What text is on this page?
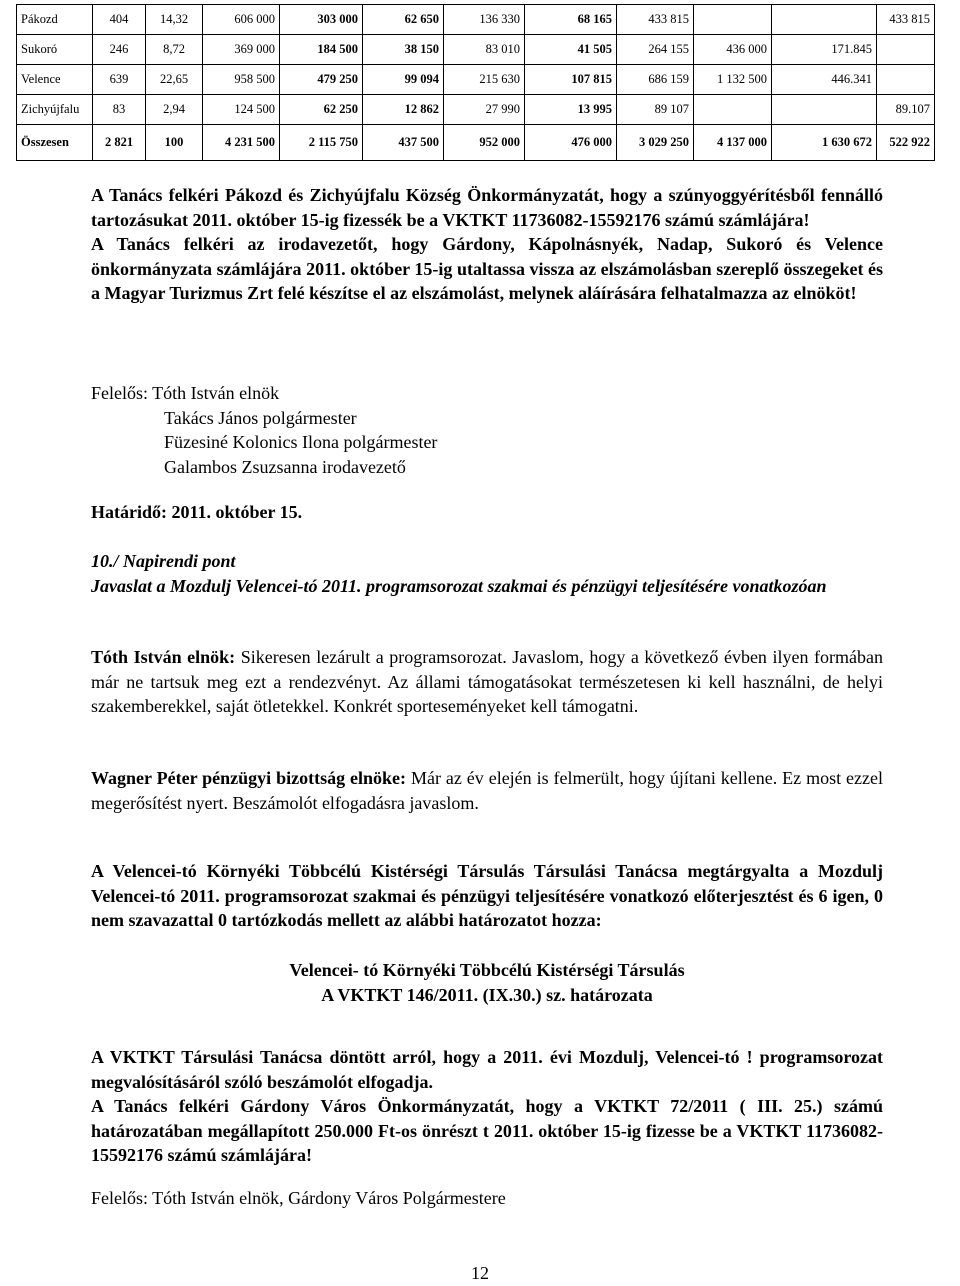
Pákozd	404	14,32	606 000	303 000	62 650	136 330	68 165	433 815			433 815
Sukoró	246	8,72	369 000	184 500	38 150	83 010	41 505	264 155	436 000	171.845	
Velence	639	22,65	958 500	479 250	99 094	215 630	107 815	686 159	1 132 500	446.341	
Zichyújfalu	83	2,94	124 500	62 250	12 862	27 990	13 995	89 107			89.107
Összesen	2 821	100	4 231 500	2 115 750	437 500	952 000	476 000	3 029 250	4 137 000	1 630 672	522 922

A Tanács felkéri Pákozd és Zichyújfalu Község Önkormányzatát, hogy a szúnyoggyérítésből fennálló tartozásukat 2011. október 15-ig fizessék be a VKTKT 11736082-15592176 számú számlájára!

A Tanács felkéri az irodavezetőt, hogy Gárdony, Kápolnásnyék, Nadap, Sukoró és Velence önkormányzata számlájára 2011. október 15-ig utaltassa vissza az elszámolásban szereplő összegeket és a Magyar Turizmus Zrt felé készítse el az elszámolást, melynek aláírására felhatalmazza az elnököt!

Felelős: Tóth István elnök
Takács János polgármester
Füzesiné Kolonics Ilona polgármester
Galambos Zsuzsanna irodavezető
Határidő: 2011. október 15.
10./ Napirendi pont
Javaslat a Mozdulj Velencei-tó 2011. programsorozat szakmai és pénzügyi teljesítésére vonatkozóan
Tóth István elnök: Sikeresen lezárult a programsorozat. Javaslom, hogy a következő évben ilyen formában már ne tartsuk meg ezt a rendezvényt. Az állami támogatásokat természetesen ki kell használni, de helyi szakemberekkel, saját ötletekkel. Konkrét sporteseményeket kell támogatni.
Wagner Péter pénzügyi bizottság elnöke: Már az év elején is felmerült, hogy újítani kellene. Ez most ezzel megerősítést nyert. Beszámolót elfogadásra javaslom.
A Velencei-tó Környéki Többcélú Kistérségi Társulás Társulási Tanácsa megtárgyalta a Mozdulj Velencei-tó 2011. programsorozat szakmai és pénzügyi teljesítésére vonatkozó előterjesztést és 6 igen, 0 nem szavazattal 0 tartózkodás mellett az alábbi határozatot hozza:
Velencei- tó Környéki Többcélú Kistérségi Társulás
A VKTKT 146/2011. (IX.30.) sz. határozata

A VKTKT Társulási Tanácsa döntött arról, hogy a 2011. évi Mozdulj, Velencei-tó ! programsorozat megvalósításáról szóló beszámolót elfogadja.

A Tanács felkéri Gárdony Város Önkormányzatát, hogy a VKTKT 72/2011 ( III. 25.) számú határozatában megállapított 250.000 Ft-os önrészt t 2011. október 15-ig fizesse be a VKTKT 11736082-15592176 számú számlájára!

Felelős: Tóth István elnök, Gárdony Város Polgármestere
12
